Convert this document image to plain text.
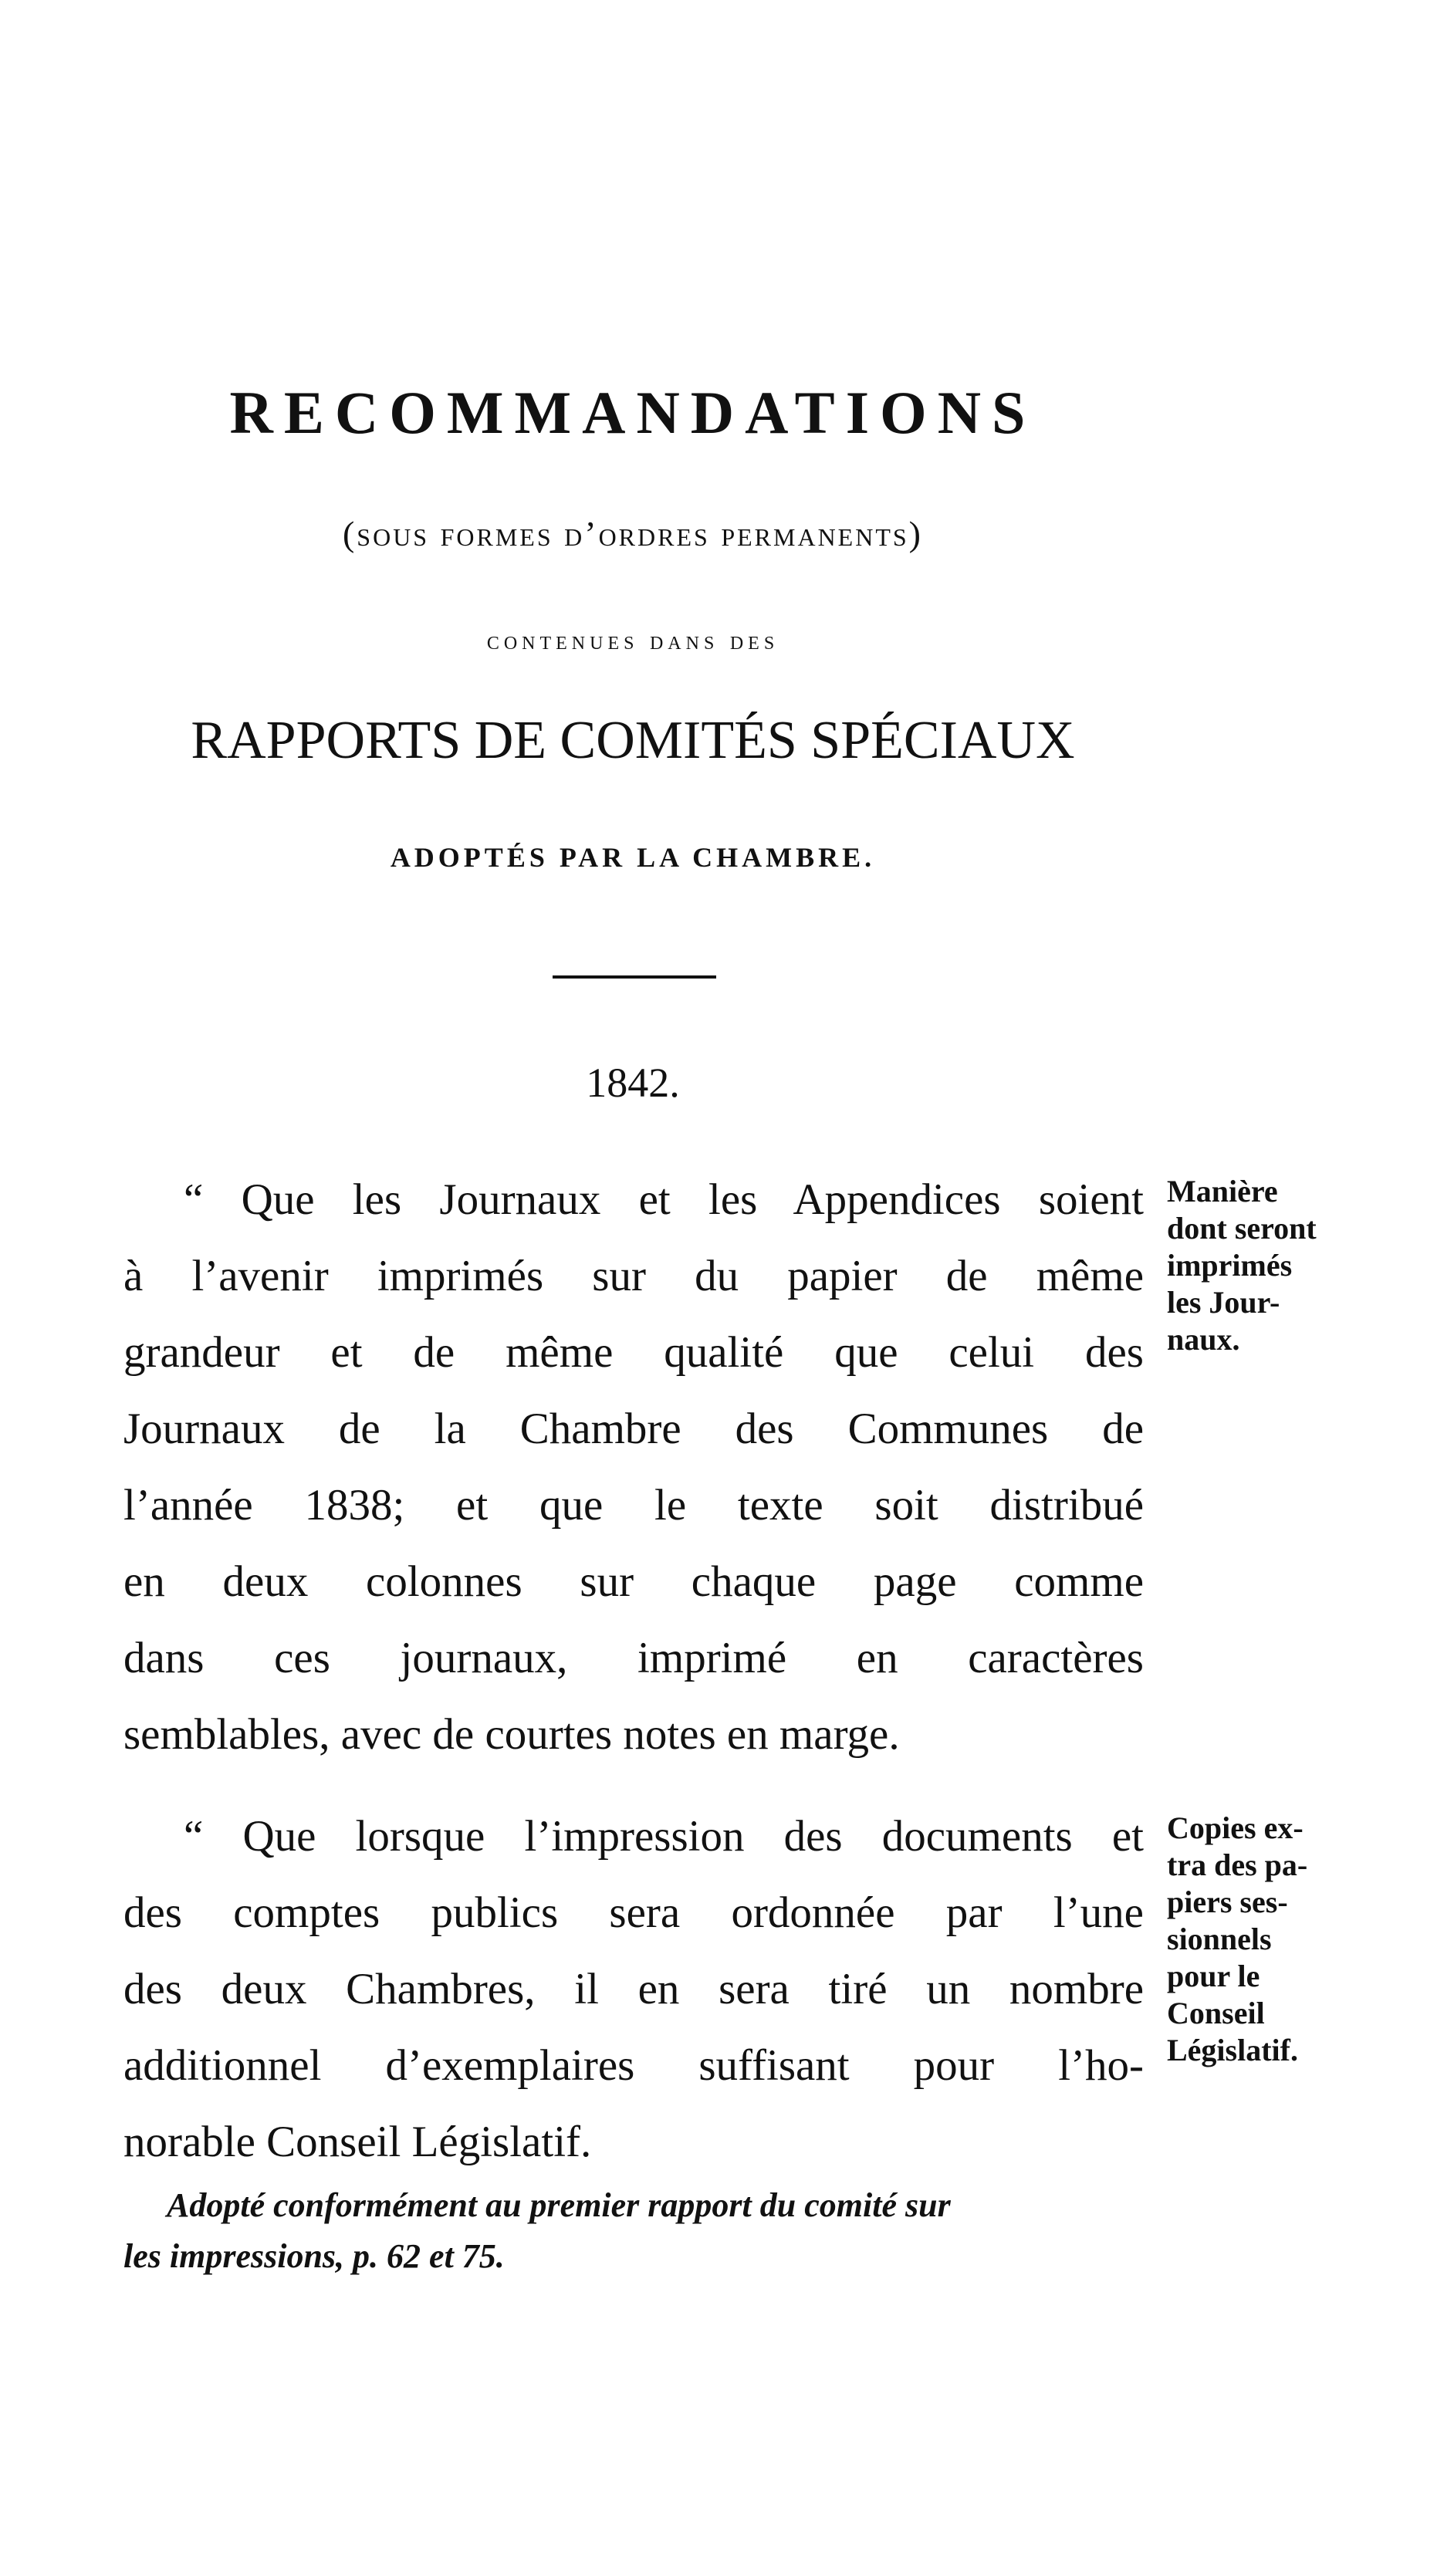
RECOMMANDATIONS
(sous formes d’ordres permanents)
contenues dans des
RAPPORTS DE COMITÉS SPÉCIAUX
ADOPTÉS PAR LA CHAMBRE.
1842.
“ Que les Journaux et les Appendices soient
à l’avenir imprimés sur du papier de même
grandeur et de même qualité que celui des
Journaux de la Chambre des Communes de
l’année 1838; et que le texte soit distribué
en deux colonnes sur chaque page comme
dans ces journaux, imprimé en caractères
semblables, avec de courtes notes en marge.
Manière
dont seront
imprimés
les Jour-
naux.
“ Que lorsque l’impression des documents et
des comptes publics sera ordonnée par l’une
des deux Chambres, il en sera tiré un nombre
additionnel d’exemplaires suffisant pour l’ho-
norable Conseil Législatif.
Copies ex-
tra des pa-
piers ses-
sionnels
pour le
Conseil
Législatif.
Adopté conformément au premier rapport du comité sur
les impressions, p. 62 et 75.
